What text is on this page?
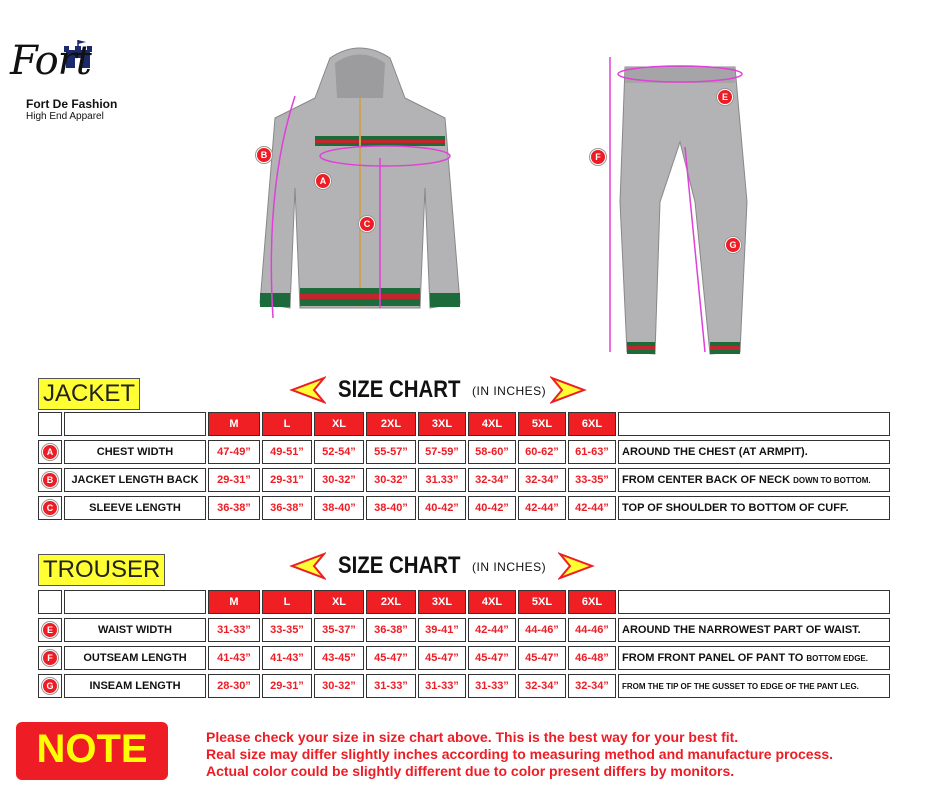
Fort
Fort De Fashion
High End Apparel
A
B
C
E
F
G
JACKET	SIZE CHART (IN INCHES)
		M	L	XL	2XL	3XL	4XL	5XL	6XL	
A	CHEST WIDTH	47-49”	49-51”	52-54”	55-57”	57-59”	58-60”	60-62”	61-63”	AROUND THE CHEST (AT ARMPIT).
B	JACKET LENGTH BACK	29-31”	29-31”	30-32”	30-32”	31.33”	32-34”	32-34”	33-35”	FROM CENTER BACK OF NECK DOWN TO BOTTOM.
C	SLEEVE LENGTH	36-38”	36-38”	38-40”	38-40”	40-42”	40-42”	42-44”	42-44”	TOP OF SHOULDER TO BOTTOM OF CUFF.
TROUSER	SIZE CHART (IN INCHES)
		M	L	XL	2XL	3XL	4XL	5XL	6XL	
E	WAIST WIDTH	31-33”	33-35”	35-37”	36-38”	39-41”	42-44”	44-46”	44-46”	AROUND THE NARROWEST PART OF WAIST.
F	OUTSEAM LENGTH	41-43”	41-43”	43-45”	45-47”	45-47”	45-47”	45-47”	46-48”	FROM FRONT PANEL OF PANT TO BOTTOM EDGE.
G	INSEAM LENGTH	28-30”	29-31”	30-32”	31-33”	31-33”	31-33”	32-34”	32-34”	FROM THE TIP OF THE GUSSET TO EDGE OF THE PANT LEG.
NOTE	Please check your size in size chart above. This is the best way for your best fit.
Real size may differ slightly inches according to measuring method and manufacture process.
Actual color could be slightly different due to color present differs by monitors.
